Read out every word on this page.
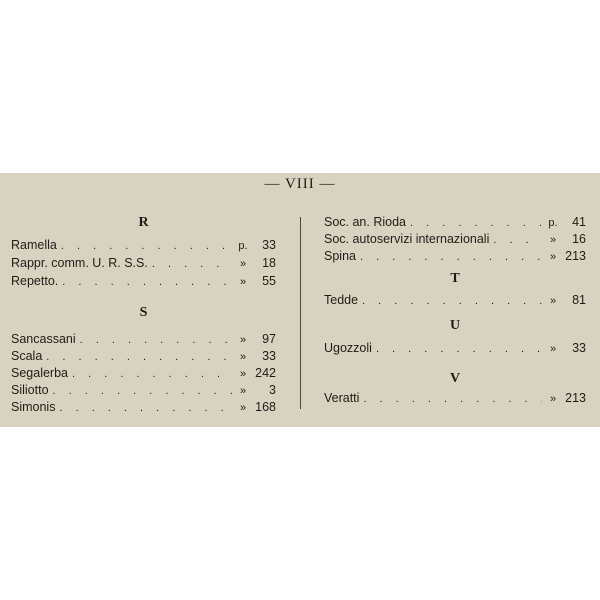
— VIII —
R
Ramella . . .	p.	33
Rappr. comm. U. R. S.S. . . .	»	18
Repetto. . . .	»	55
S
Sancassani . . .	»	97
Scala . . .	»	33
Segalerba . . .	» 242
Siliotto . . .	»	3
Simonis . . .	» 168
Soc. an. Rioda . . .	p.	41
Soc. autoservizi internazionali . . .	»	16
Spina . . .	» 213
T
Tedde . . .	»	81
U
Ugozzoli . . .	»	33
V
Veratti . . .	» 213
